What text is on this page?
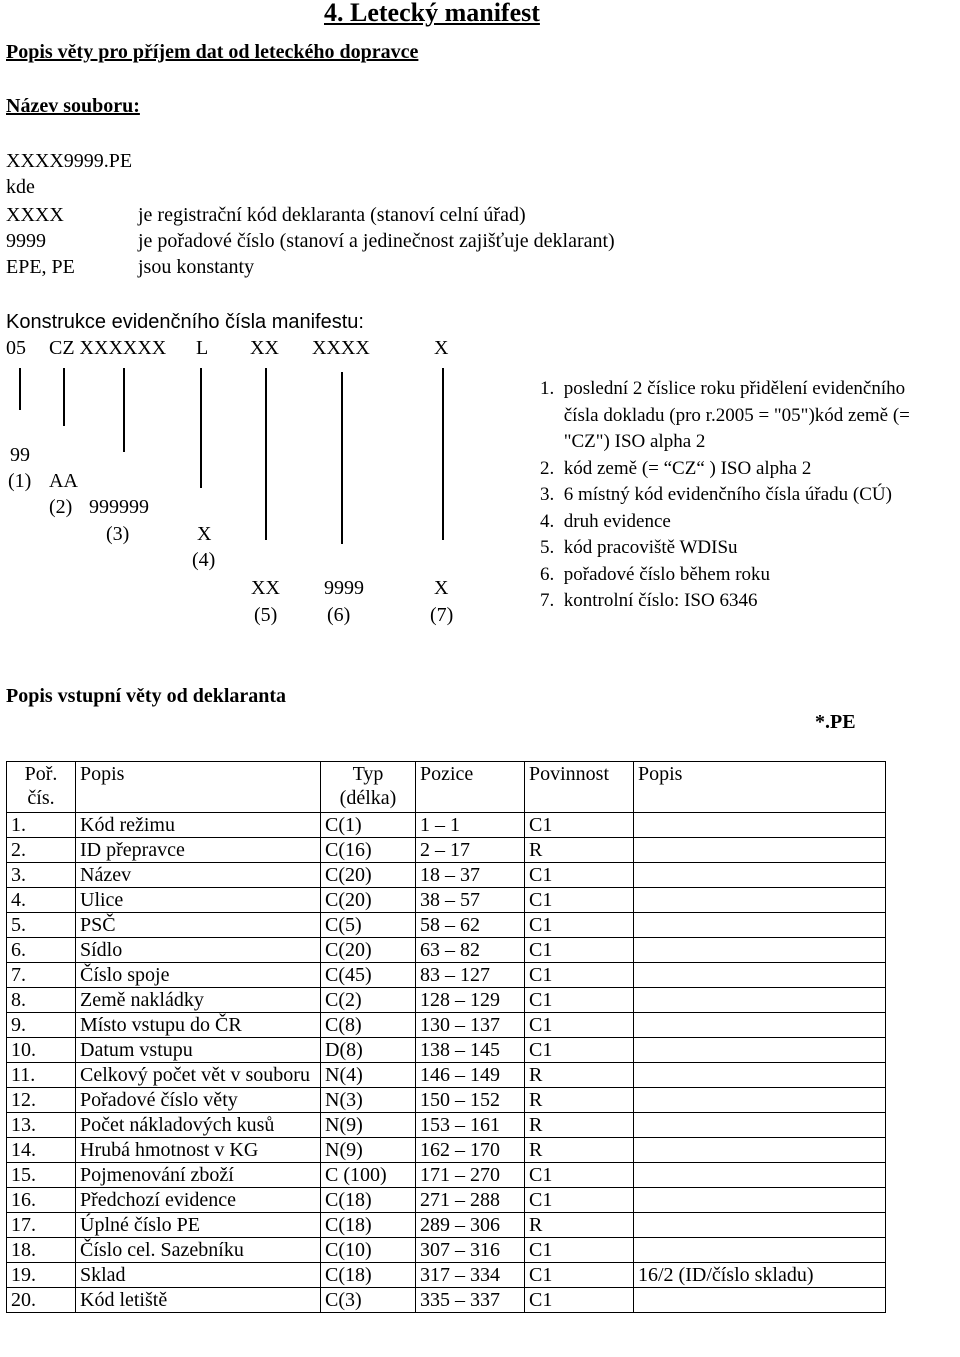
4. Letecký manifest
Popis věty pro příjem dat od leteckého dopravce
Název souboru:
XXXX9999.PE
kde
XXXX	je registrační kód deklaranta (stanoví celní úřad)
9999	je pořadové číslo (stanoví a jedinečnost zajišťuje deklarant)
EPE, PE	jsou konstanty
Konstrukce evidenčního čísla manifestu:
05 CZ XXXXXX L XX XXXX	X
99
(1) AA
(2) 999999
(3)	X
(4)
XX
(5)
9999
(6)
X
(7)
1.  poslední 2 číslice roku přidělení evidenčního
čísla dokladu (pro r.2005 = "05")kód země (=
"CZ") ISO alpha 2
2.  kód země (= “CZ“ ) ISO alpha 2
3.  6 místný kód evidenčního čísla úřadu (CÚ)
4.  druh evidence
5.  kód pracoviště WDISu
6.  pořadové číslo během roku
7.  kontrolní číslo: ISO 6346
Popis vstupní věty od deklaranta
*.PE
Poř. čís.	Popis	Typ (délka)	Pozice	Povinnost	Popis
1.	Kód režimu	C(1)	1 – 1	C1	
2.	ID přepravce	C(16)	2 – 17	R	
3.	Název	C(20)	18 – 37	C1	
4.	Ulice	C(20)	38 – 57	C1	
5.	PSČ	C(5)	58 – 62	C1	
6.	Sídlo	C(20)	63 – 82	C1	
7.	Číslo spoje	C(45)	83 – 127	C1	
8.	Země nakládky	C(2)	128 – 129	C1	
9.	Místo vstupu do ČR	C(8)	130 – 137	C1	
10.	Datum vstupu	D(8)	138 – 145	C1	
11.	Celkový počet vět v souboru	N(4)	146 – 149	R	
12.	Pořadové číslo věty	N(3)	150 – 152	R	
13.	Počet nákladových kusů	N(9)	153 – 161	R	
14.	Hrubá hmotnost v KG	N(9)	162 – 170	R	
15.	Pojmenování zboží	C (100)	171 – 270	C1	
16.	Předchozí evidence	C(18)	271 – 288	C1	
17.	Úplné číslo PE	C(18)	289 – 306	R	
18.	Číslo cel. Sazebníku	C(10)	307 – 316	C1	
19.	Sklad	C(18)	317 – 334	C1	16/2 (ID/číslo skladu)
20.	Kód letiště	C(3)	335 – 337	C1	
